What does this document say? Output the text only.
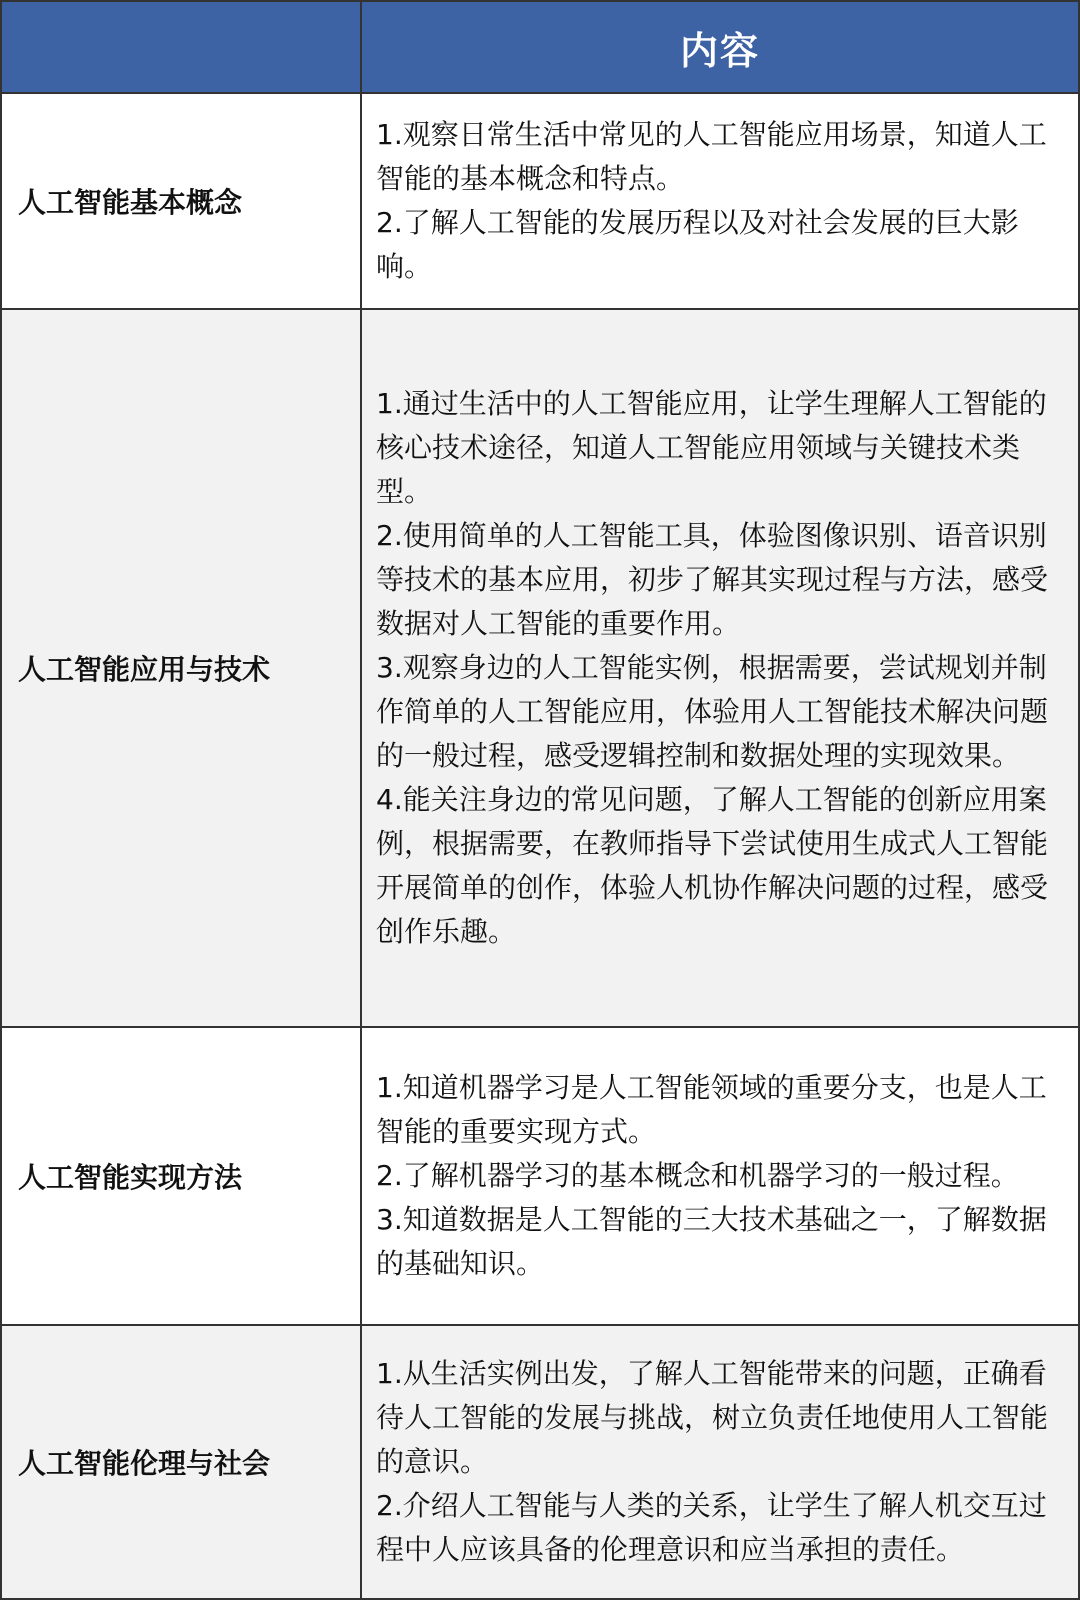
内容
人工智能基本概念

1.观察日常生活中常见的人工智能应用场景，知道人工智能的基本概念和特点。

2.了解人工智能的发展历程以及对社会发展的巨大影响。

人工智能应用与技术

1.通过生活中的人工智能应用，让学生理解人工智能的核心技术途径，知道人工智能应用领域与关键技术类型。

2.使用简单的人工智能工具，体验图像识别、语音识别等技术的基本应用，初步了解其实现过程与方法，感受数据对人工智能的重要作用。

3.观察身边的人工智能实例，根据需要，尝试规划并制作简单的人工智能应用，体验用人工智能技术解决问题的一般过程，感受逻辑控制和数据处理的实现效果。

4.能关注身边的常见问题，了解人工智能的创新应用案例，根据需要，在教师指导下尝试使用生成式人工智能开展简单的创作，体验人机协作解决问题的过程，感受创作乐趣。

人工智能实现方法

1.知道机器学习是人工智能领域的重要分支，也是人工智能的重要实现方式。

2.了解机器学习的基本概念和机器学习的一般过程。

3.知道数据是人工智能的三大技术基础之一，了解数据的基础知识。

人工智能伦理与社会

1.从生活实例出发，了解人工智能带来的问题，正确看待人工智能的发展与挑战，树立负责任地使用人工智能的意识。

2.介绍人工智能与人类的关系，让学生了解人机交互过程中人应该具备的伦理意识和应当承担的责任。
